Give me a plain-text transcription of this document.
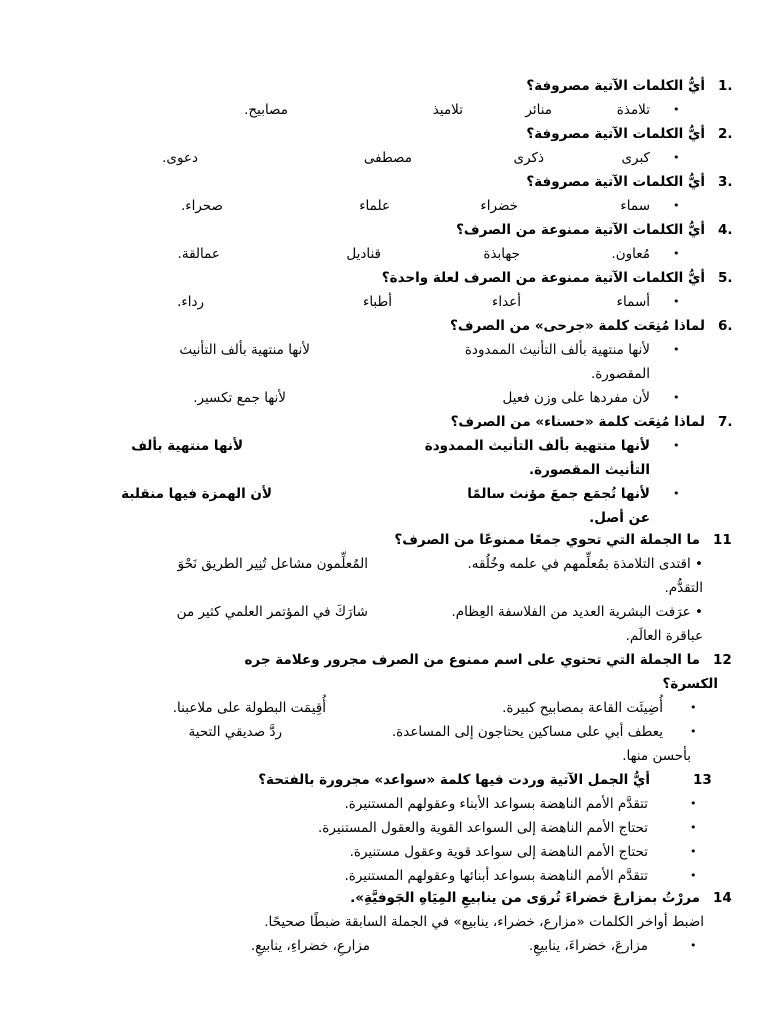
1.
أيُّ الكلمات الآتية مصروفة؟
•
تلامذة
منائر
تلاميذ
مصابيح.
2.
أيُّ الكلمات الآتية مصروفة؟
•
كبرى
ذكرى
مصطفى
دعوى.
3.
أيُّ الكلمات الآتية مصروفة؟
•
سماء
خضراء
علماء
صحراء.
4.
أيُّ الكلمات الآتية ممنوعة من الصرف؟
•
مُعاون.
جهابذة
قناديل
عمالقة.
5.
أيُّ الكلمات الآتية ممنوعة من الصرف لعلة واحدة؟
•
أسماء
أعداء
أطباء
رداء.
6.
لماذا مُنِعَت كلمة «جرحى» من الصرف؟
•
لأنها منتهية بألف التأنيث الممدودة
لأنها منتهية بألف التأنيث
المقصورة.
•
لأن مفردها على وزن فعيل
لأنها جمع تكسير.
7.
لماذا مُنِعَت كلمة «حسناء» من الصرف؟
•
لأنها منتهية بألف التأنيث الممدودة
لأنها منتهية بألف
التأنيث المقصورة.
•
لأنها تُجمَع جمعَ مؤنث سالمًا
لأن الهمزة فيها منقلبة
عن أصل.
11
ما الجملة التي تحوي جمعًا ممنوعًا من الصرف؟
• اقتدى التلامذة بمُعلِّمهم في علمه وخُلُقه.
المُعلِّمون مشاعل تُنِير الطريق نَحْوَ
التقدُّم.
• عرَفت البشرية العديد من الفلاسفة العِظام.
شارَكَ في المؤتمر العلمي كثير من
عباقرة العالَم.
12
ما الجملة التي تحتوي على اسم ممنوع من الصرف مجرور وعلامة جره
الكسرة؟
•
أُضِيئَت القاعة بمصابيح كبيرة.
أُقِيمَت البطولة على ملاعبنا.
•
يعطف أبي على مساكين يحتاجون إلى المساعدة.
ردَّ صديقي التحية
بأحسن منها.
13
أيُّ الجمل الآتية وردت فيها كلمة «سواعد» مجرورة بالفتحة؟
•
تتقدَّم الأمم الناهضة بسواعد الأبناء وعقولهم المستنيرة.
•
تحتاج الأمم الناهضة إلى السواعد القوية والعقول المستنيرة.
•
تحتاج الأمم الناهضة إلى سواعد قوية وعقول مستنيرة.
•
تتقدَّم الأمم الناهضة بسواعد أبنائها وعقولهم المستنيرة.
14
مررْتُ بمزارعَ خضراءَ تُروَى من ينابيعِ المِيَاهِ الجَوفيَّةِ».
اضبط أواخر الكلمات «مزارع، خضراء، ينابيع» في الجملة السابقة ضبطًا صحيحًا.
•
مزارعَ، خضراءَ، ينابيعِ.
مزارعِ، خضراءِ، ينابيعِ.
